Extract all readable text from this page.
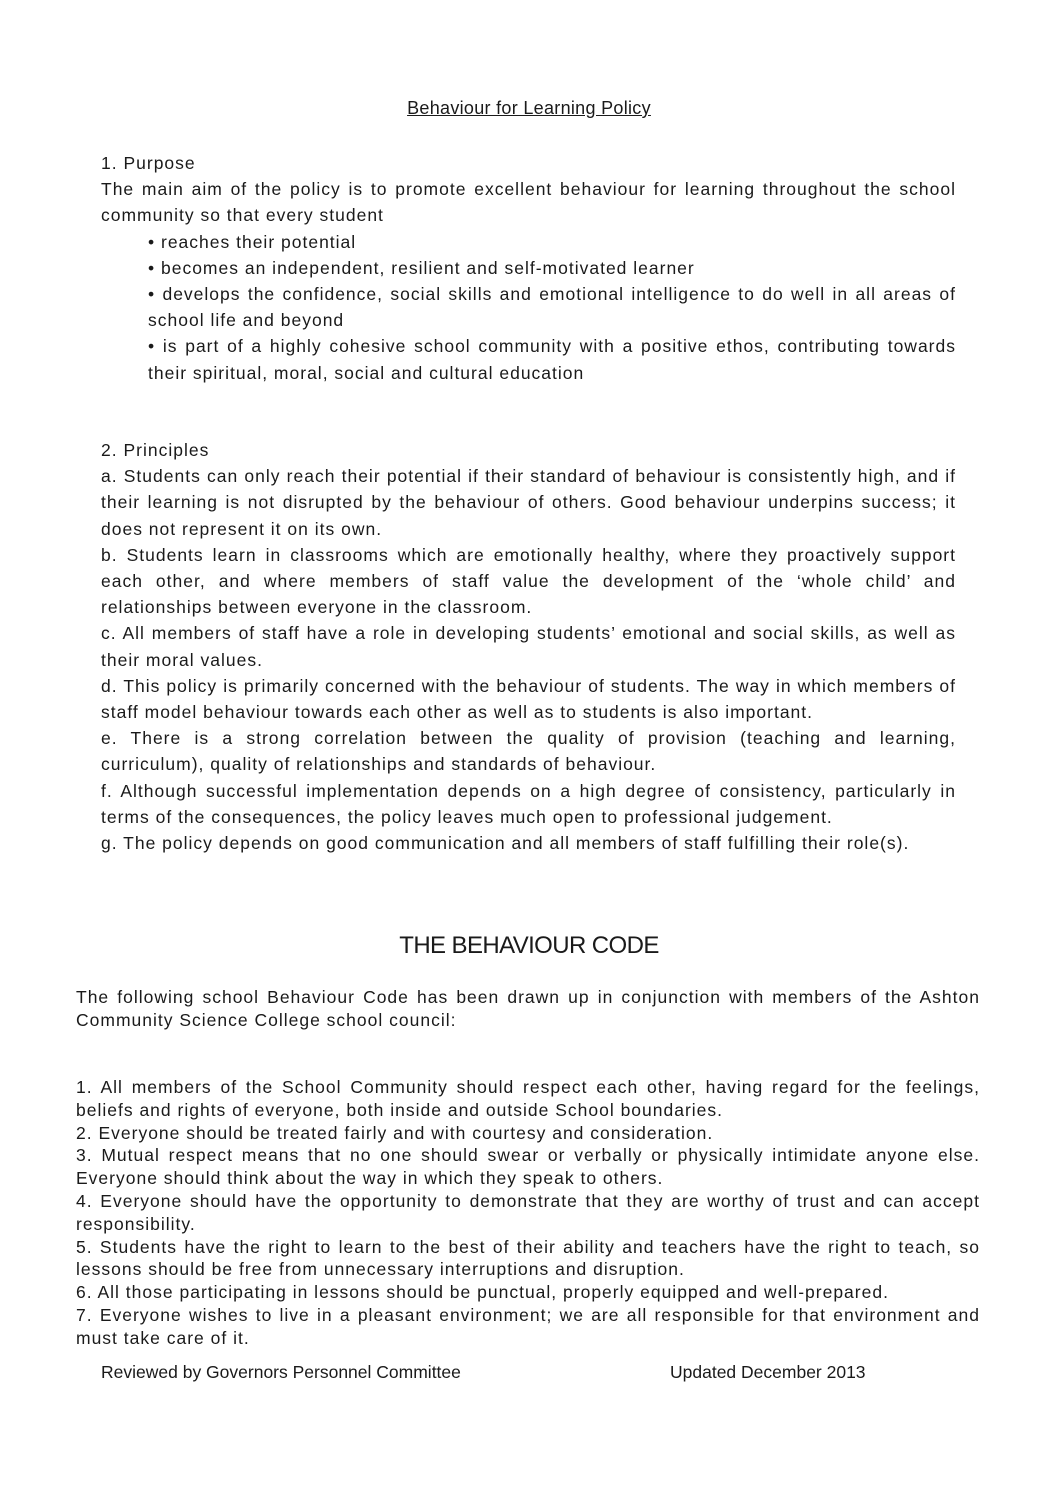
Behaviour for Learning Policy

1. Purpose

The main aim of the policy is to promote excellent behaviour for learning throughout the school community so that every student

• reaches their potential

• becomes an independent, resilient and self-motivated learner

• develops the confidence, social skills and emotional intelligence to do well in all areas of school life and beyond

• is part of a highly cohesive school community with a positive ethos, contributing towards their spiritual, moral, social and cultural education

2. Principles

a. Students can only reach their potential if their standard of behaviour is consistently high, and if their learning is not disrupted by the behaviour of others. Good behaviour underpins success; it does not represent it on its own.

b. Students learn in classrooms which are emotionally healthy, where they proactively support each other, and where members of staff value the development of the ‘whole child’ and relationships between everyone in the classroom.

c. All members of staff have a role in developing students’ emotional and social skills, as well as their moral values.

d. This policy is primarily concerned with the behaviour of students. The way in which members of staff model behaviour towards each other as well as to students is also important.

e. There is a strong correlation between the quality of provision (teaching and learning, curriculum), quality of relationships and standards of behaviour.

f. Although successful implementation depends on a high degree of consistency, particularly in terms of the consequences, the policy leaves much open to professional judgement.

g. The policy depends on good communication and all members of staff fulfilling their role(s).

THE BEHAVIOUR CODE

The following school Behaviour Code has been drawn up in conjunction with members of the Ashton Community Science College school council:

1. All members of the School Community should respect each other, having regard for the feelings, beliefs and rights of everyone, both inside and outside School boundaries.

2. Everyone should be treated fairly and with courtesy and consideration.

3. Mutual respect means that no one should swear or verbally or physically intimidate anyone else. Everyone should think about the way in which they speak to others.

4. Everyone should have the opportunity to demonstrate that they are worthy of trust and can accept responsibility.

5. Students have the right to learn to the best of their ability and teachers have the right to teach, so lessons should be free from unnecessary interruptions and disruption.

6. All those participating in lessons should be punctual, properly equipped and well-prepared.

7. Everyone wishes to live in a pleasant environment; we are all responsible for that environment and must take care of it.

Reviewed by Governors Personnel Committee	Updated December 2013
